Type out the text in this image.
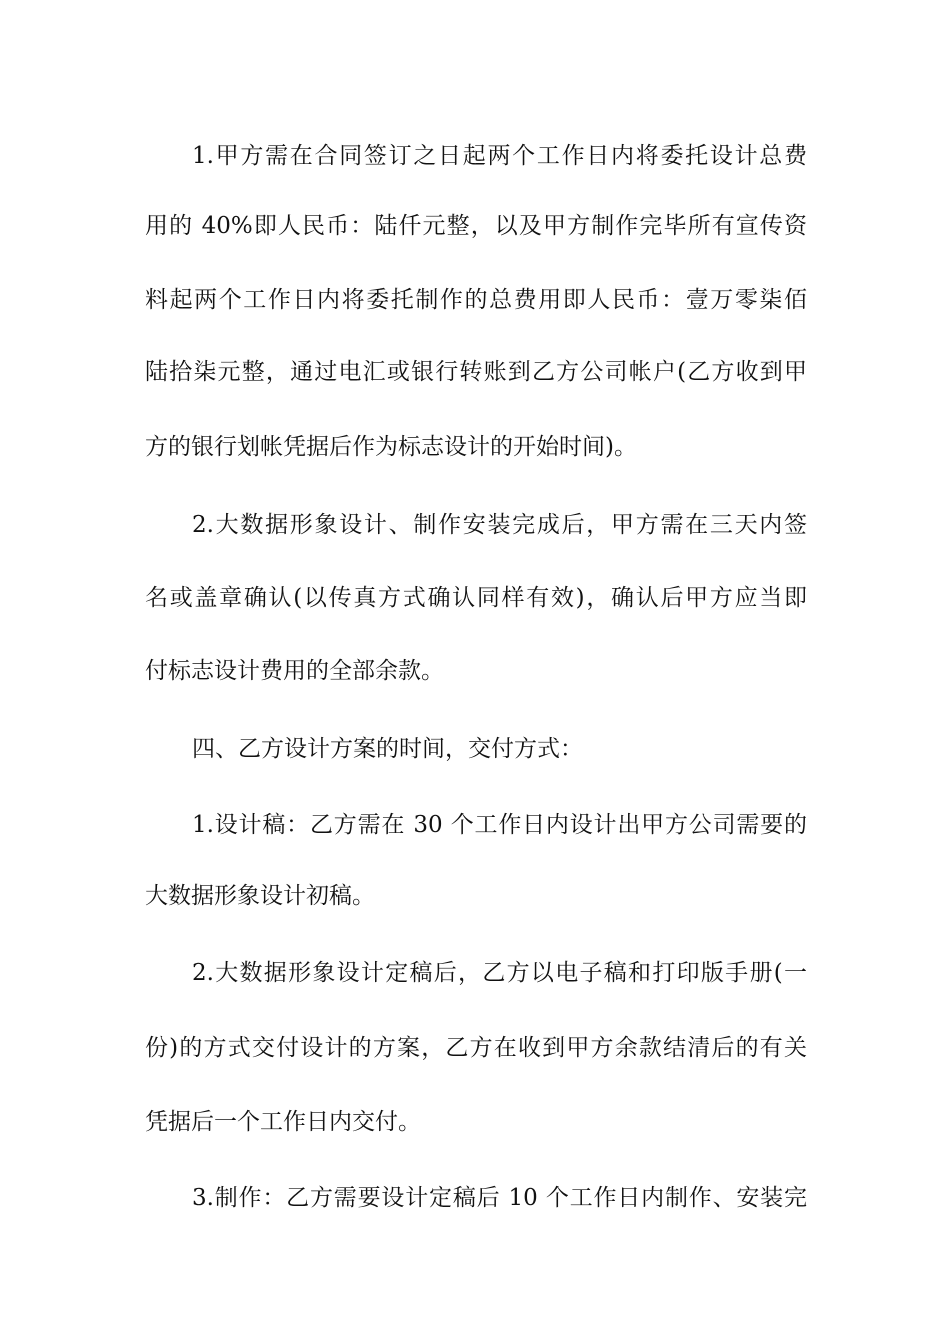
1.甲方需在合同签订之日起两个工作日内将委托设计总费
用的 40%即人民币：陆仟元整，以及甲方制作完毕所有宣传资
料起两个工作日内将委托制作的总费用即人民币：壹万零柒佰
陆拾柒元整，通过电汇或银行转账到乙方公司帐户(乙方收到甲
方的银行划帐凭据后作为标志设计的开始时间)。
2.大数据形象设计、制作安装完成后，甲方需在三天内签
名或盖章确认(以传真方式确认同样有效)，确认后甲方应当即
付标志设计费用的全部余款。
四、乙方设计方案的时间，交付方式：
1.设计稿：乙方需在 30 个工作日内设计出甲方公司需要的
大数据形象设计初稿。
2.大数据形象设计定稿后，乙方以电子稿和打印版手册(一
份)的方式交付设计的方案，乙方在收到甲方余款结清后的有关
凭据后一个工作日内交付。
3.制作：乙方需要设计定稿后 10 个工作日内制作、安装完
